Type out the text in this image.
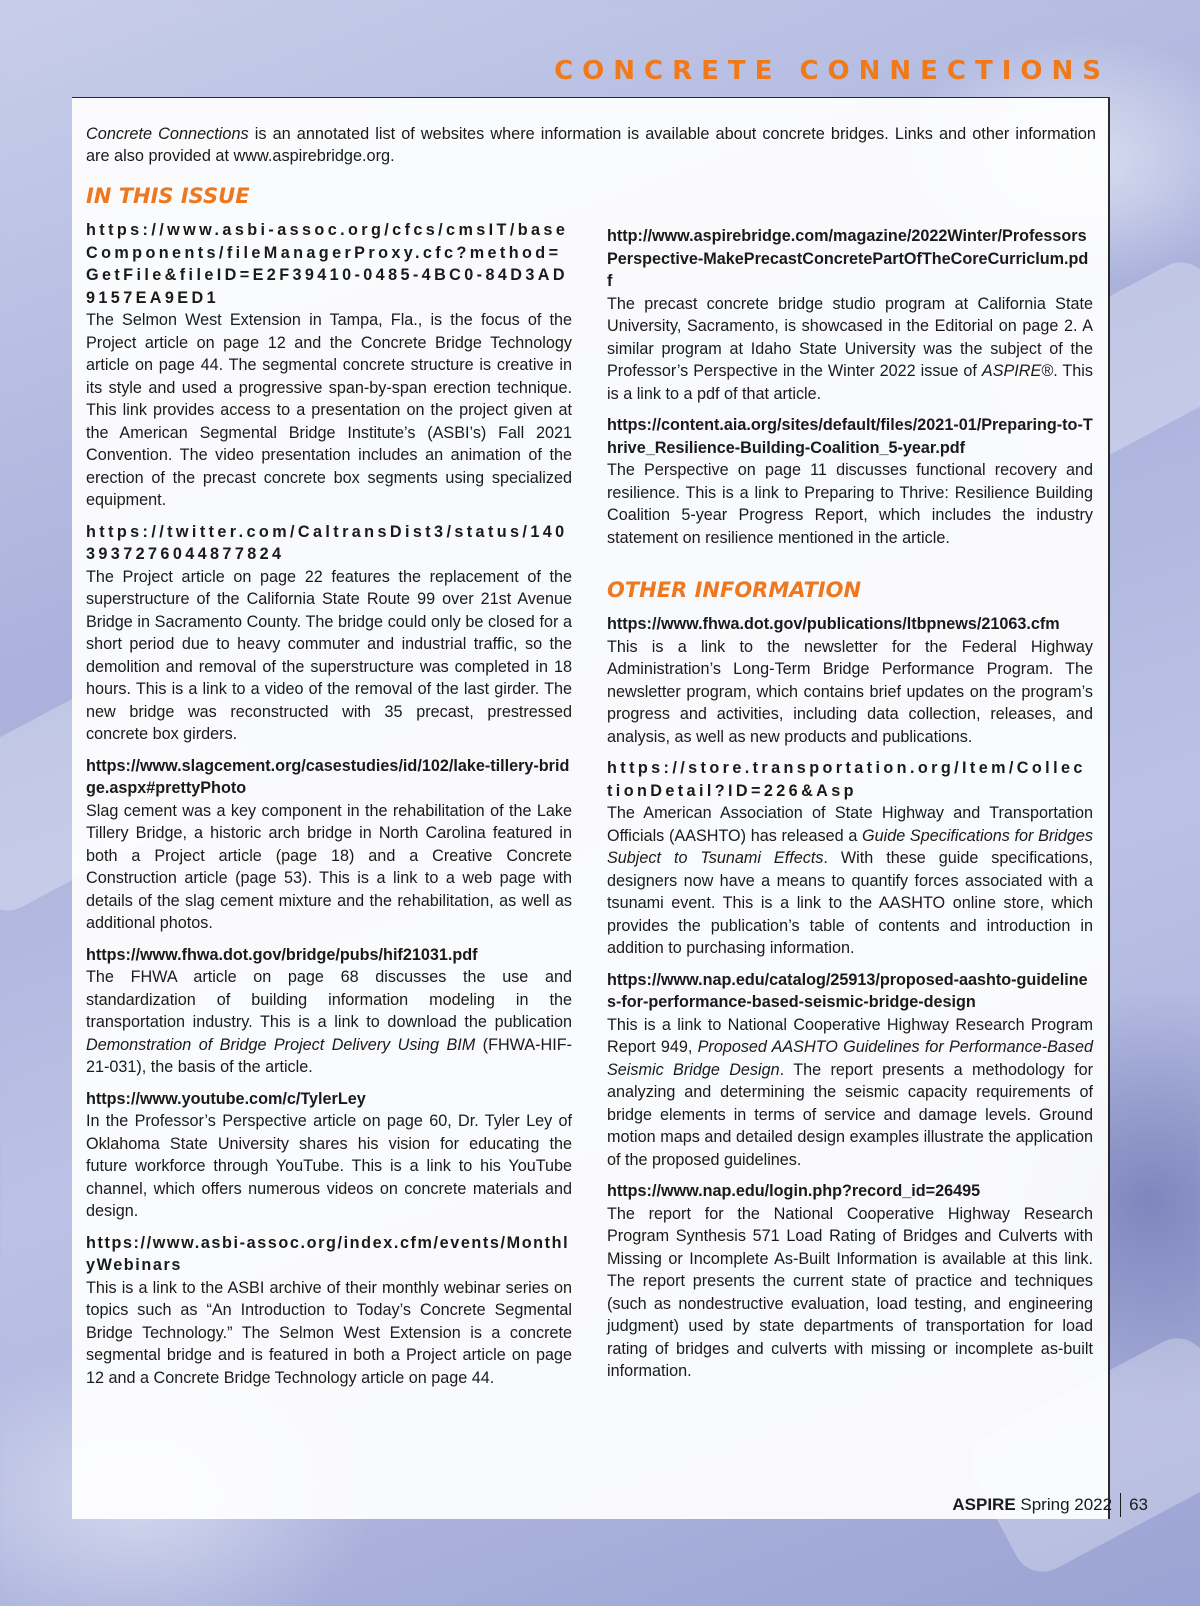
CONCRETE CONNECTIONS

Concrete Connections is an annotated list of websites where information is available about concrete bridges. Links and other information are also provided at www.aspirebridge.org.

IN THIS ISSUE

https://www.asbi-assoc.org/cfcs/cmsIT/baseComponents/fileManagerProxy.cfc?method=GetFile&fileID=E2F39410-0485-4BC0-84D3AD9157EA9ED1

The Selmon West Extension in Tampa, Fla., is the focus of the Project article on page 12 and the Concrete Bridge Technology article on page 44. The segmental concrete structure is creative in its style and used a progressive span-by-span erection technique. This link provides access to a presentation on the project given at the American Segmental Bridge Institute’s (ASBI’s) Fall 2021 Convention. The video presentation includes an animation of the erection of the precast concrete box segments using specialized equipment.

https://twitter.com/CaltransDist3/status/1403937276044877824

The Project article on page 22 features the replacement of the superstructure of the California State Route 99 over 21st Avenue Bridge in Sacramento County. The bridge could only be closed for a short period due to heavy commuter and industrial traffic, so the demolition and removal of the superstructure was completed in 18 hours. This is a link to a video of the removal of the last girder. The new bridge was reconstructed with 35 precast, prestressed concrete box girders.

https://www.slagcement.org/casestudies/id/102/lake-tillery-bridge.aspx#prettyPhoto

Slag cement was a key component in the rehabilitation of the Lake Tillery Bridge, a historic arch bridge in North Carolina featured in both a Project article (page 18) and a Creative Concrete Construction article (page 53). This is a link to a web page with details of the slag cement mixture and the rehabilitation, as well as additional photos.

https://www.fhwa.dot.gov/bridge/pubs/hif21031.pdf

The FHWA article on page 68 discusses the use and standardization of building information modeling in the transportation industry. This is a link to download the publication Demonstration of Bridge Project Delivery Using BIM (FHWA-HIF-21-031), the basis of the article.

https://www.youtube.com/c/TylerLey

In the Professor’s Perspective article on page 60, Dr. Tyler Ley of Oklahoma State University shares his vision for educating the future workforce through YouTube. This is a link to his YouTube channel, which offers numerous videos on concrete materials and design.

https://www.asbi-assoc.org/index.cfm/events/MonthlyWebinars

This is a link to the ASBI archive of their monthly webinar series on topics such as “An Introduction to Today’s Concrete Segmental Bridge Technology.” The Selmon West Extension is a concrete segmental bridge and is featured in both a Project article on page 12 and a Concrete Bridge Technology article on page 44.

http://www.aspirebridge.com/magazine/2022Winter/ProfessorsPerspective-MakePrecastConcretePartOfTheCoreCurriclum.pdf

The precast concrete bridge studio program at California State University, Sacramento, is showcased in the Editorial on page 2. A similar program at Idaho State University was the subject of the Professor’s Perspective in the Winter 2022 issue of ASPIRE®. This is a link to a pdf of that article.

https://content.aia.org/sites/default/files/2021-01/Preparing-to-Thrive_Resilience-Building-Coalition_5-year.pdf

The Perspective on page 11 discusses functional recovery and resilience. This is a link to Preparing to Thrive: Resilience Building Coalition 5-year Progress Report, which includes the industry statement on resilience mentioned in the article.

OTHER INFORMATION

https://www.fhwa.dot.gov/publications/ltbpnews/21063.cfm

This is a link to the newsletter for the Federal Highway Administration’s Long-Term Bridge Performance Program. The newsletter program, which contains brief updates on the program’s progress and activities, including data collection, releases, and analysis, as well as new products and publications.

https://store.transportation.org/Item/CollectionDetail?ID=226&Asp

The American Association of State Highway and Transportation Officials (AASHTO) has released a Guide Specifications for Bridges Subject to Tsunami Effects. With these guide specifications, designers now have a means to quantify forces associated with a tsunami event. This is a link to the AASHTO online store, which provides the publication’s table of contents and introduction in addition to purchasing information.

https://www.nap.edu/catalog/25913/proposed-aashto-guidelines-for-performance-based-seismic-bridge-design

This is a link to National Cooperative Highway Research Program Report 949, Proposed AASHTO Guidelines for Performance-Based Seismic Bridge Design. The report presents a methodology for analyzing and determining the seismic capacity requirements of bridge elements in terms of service and damage levels. Ground motion maps and detailed design examples illustrate the application of the proposed guidelines.

https://www.nap.edu/login.php?record_id=26495

The report for the National Cooperative Highway Research Program Synthesis 571 Load Rating of Bridges and Culverts with Missing or Incomplete As-Built Information is available at this link. The report presents the current state of practice and techniques (such as nondestructive evaluation, load testing, and engineering judgment) used by state departments of transportation for load rating of bridges and culverts with missing or incomplete as-built information.

ASPIRE Spring 2022 63
